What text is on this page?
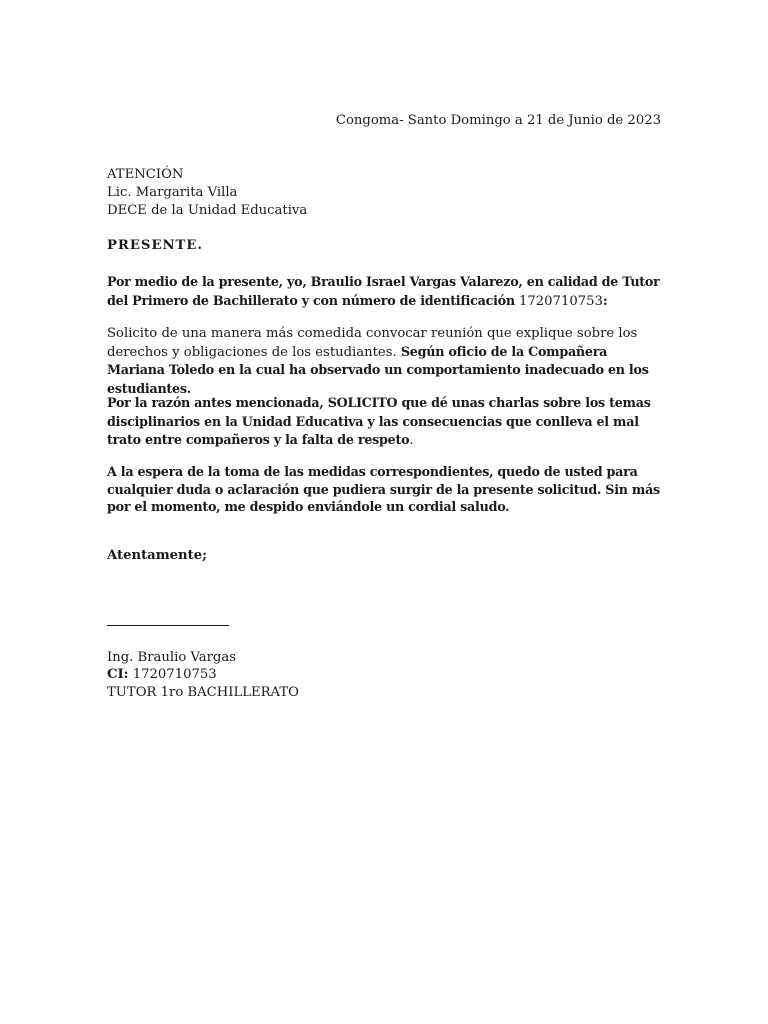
Congoma- Santo Domingo a 21 de Junio de 2023
ATENCIÓN
Lic. Margarita Villa
DECE de la Unidad Educativa
PRESENTE.
Por medio de la presente, yo, Braulio Israel Vargas Valarezo, en calidad de Tutor del Primero de Bachillerato y con número de identificación 1720710753:
Solicito de una manera más comedida convocar reunión que explique sobre los derechos y obligaciones de los estudiantes. Según oficio de la Compañera Mariana Toledo en la cual ha observado un comportamiento inadecuado en los estudiantes.
Por la razón antes mencionada, SOLICITO que dé unas charlas sobre los temas disciplinarios en la Unidad Educativa y las consecuencias que conlleva el mal trato entre compañeros y la falta de respeto.
A la espera de la toma de las medidas correspondientes, quedo de usted para cualquier duda o aclaración que pudiera surgir de la presente solicitud. Sin más por el momento, me despido enviándole un cordial saludo.
Atentamente;
Ing. Braulio Vargas
CI: 1720710753
TUTOR 1ro BACHILLERATO
